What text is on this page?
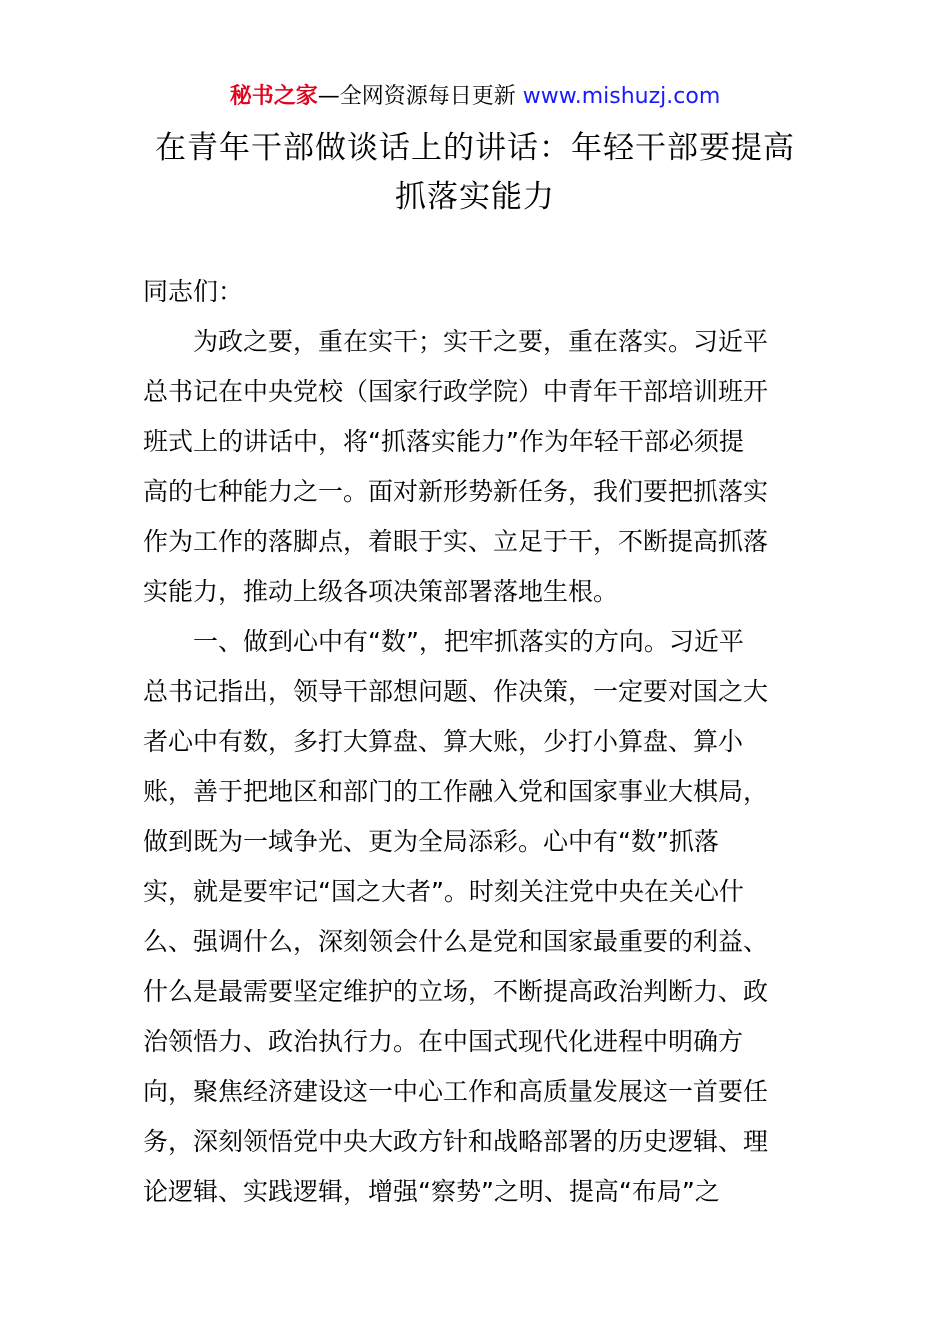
秘书之家—全网资源每日更新 www.mishuzj.com
在青年干部做谈话上的讲话：年轻干部要提高
抓落实能力
同志们：
为政之要，重在实干；实干之要，重在落实。习近平
总书记在中央党校（国家行政学院）中青年干部培训班开
班式上的讲话中，将“抓落实能力”作为年轻干部必须提
高的七种能力之一。面对新形势新任务，我们要把抓落实
作为工作的落脚点，着眼于实、立足于干，不断提高抓落
实能力，推动上级各项决策部署落地生根。
一、做到心中有“数”，把牢抓落实的方向。习近平
总书记指出，领导干部想问题、作决策，一定要对国之大
者心中有数，多打大算盘、算大账，少打小算盘、算小
账，善于把地区和部门的工作融入党和国家事业大棋局，
做到既为一域争光、更为全局添彩。心中有“数”抓落
实，就是要牢记“国之大者”。时刻关注党中央在关心什
么、强调什么，深刻领会什么是党和国家最重要的利益、
什么是最需要坚定维护的立场，不断提高政治判断力、政
治领悟力、政治执行力。在中国式现代化进程中明确方
向，聚焦经济建设这一中心工作和高质量发展这一首要任
务，深刻领悟党中央大政方针和战略部署的历史逻辑、理
论逻辑、实践逻辑，增强“察势”之明、提高“布局”之
